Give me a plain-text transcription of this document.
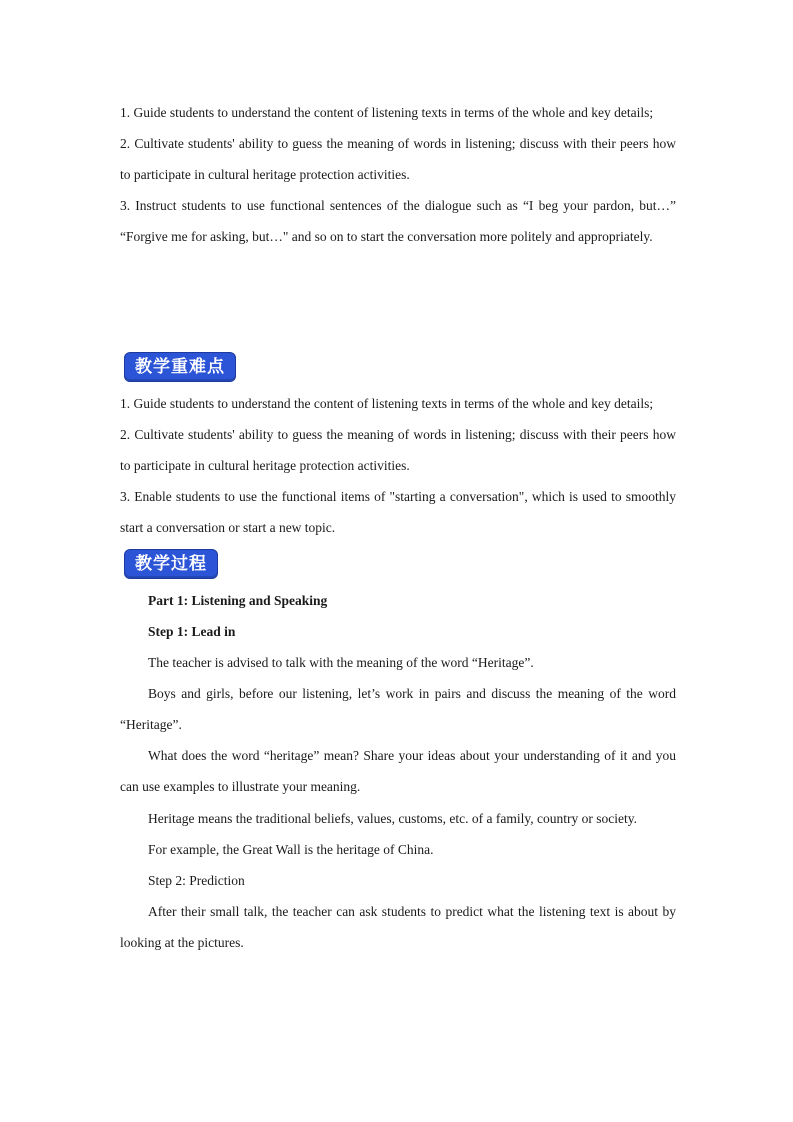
1. Guide students to understand the content of listening texts in terms of the whole and key details;

2. Cultivate students' ability to guess the meaning of words in listening; discuss with their peers how to participate in cultural heritage protection activities.

3. Instruct students to use functional sentences of the dialogue such as “I beg your pardon, but…” “Forgive me for asking, but…" and so on to start the conversation more politely and appropriately.

教学重难点

1. Guide students to understand the content of listening texts in terms of the whole and key details;

2. Cultivate students' ability to guess the meaning of words in listening; discuss with their peers how to participate in cultural heritage protection activities.

3. Enable students to use the functional items of "starting a conversation", which is used to smoothly start a conversation or start a new topic.

教学过程

Part 1: Listening and Speaking

Step 1: Lead in

The teacher is advised to talk with the meaning of the word “Heritage”.

Boys and girls, before our listening, let’s work in pairs and discuss the meaning of the word “Heritage”.

What does the word “heritage” mean? Share your ideas about your understanding of it and you can use examples to illustrate your meaning.

Heritage means the traditional beliefs, values, customs, etc. of a family, country or society.

For example, the Great Wall is the heritage of China.

Step 2: Prediction

After their small talk, the teacher can ask students to predict what the listening text is about by looking at the pictures.
